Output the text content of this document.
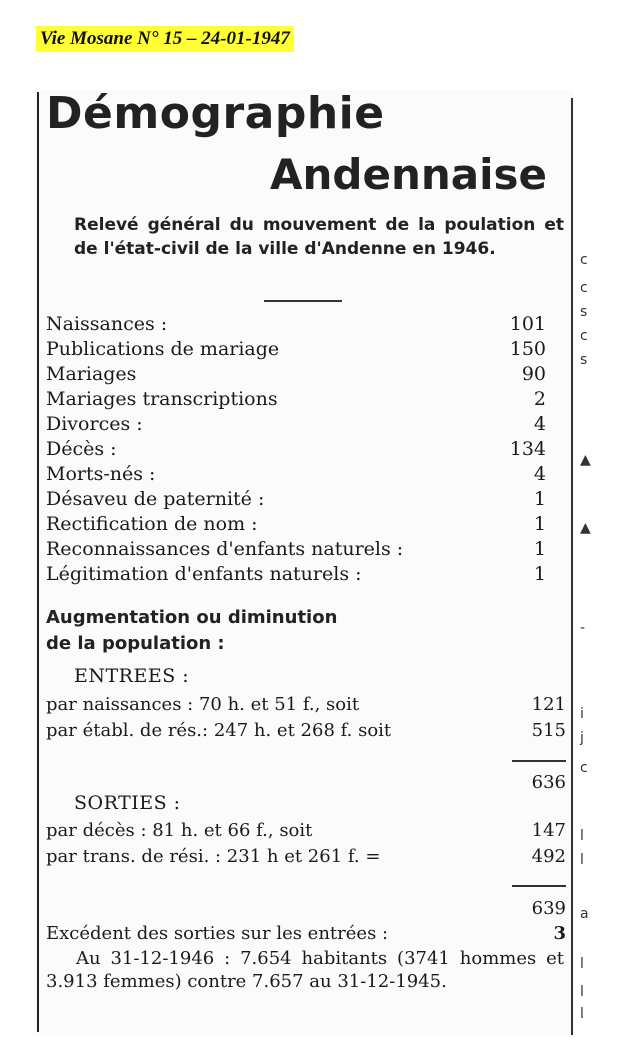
Vie Mosane N° 15 – 24-01-1947
c
c
s
c
s
▲
▲
-
i
j
c
l
l
a
l
l
l
Démographie
Andennaise
Relevé général du mouvement de la poulation et de l'état-civil de la ville d'Andenne en 1946.
Naissances :	101
Publications de mariage	150
Mariages	90
Mariages transcriptions	2
Divorces :	4
Décès :	134
Morts-nés :	4
Désaveu de paternité :	1
Rectification de nom :	1
Reconnaissances d'enfants naturels :	1
Légitimation d'enfants naturels :	1
Augmentation ou diminution
de la population :
ENTREES :
par naissances : 70 h. et 51 f., soit	121
par établ. de rés.: 247 h. et 268 f. soit	515
636
SORTIES :
par décès : 81 h. et 66 f., soit	147
par trans. de rési. : 231 h et 261 f. =	492
639
Excédent des sorties sur les entrées :	3
Au 31-12-1946 : 7.654 habitants (3741 hommes et 3.913 femmes) contre 7.657 au 31-12-1945.
